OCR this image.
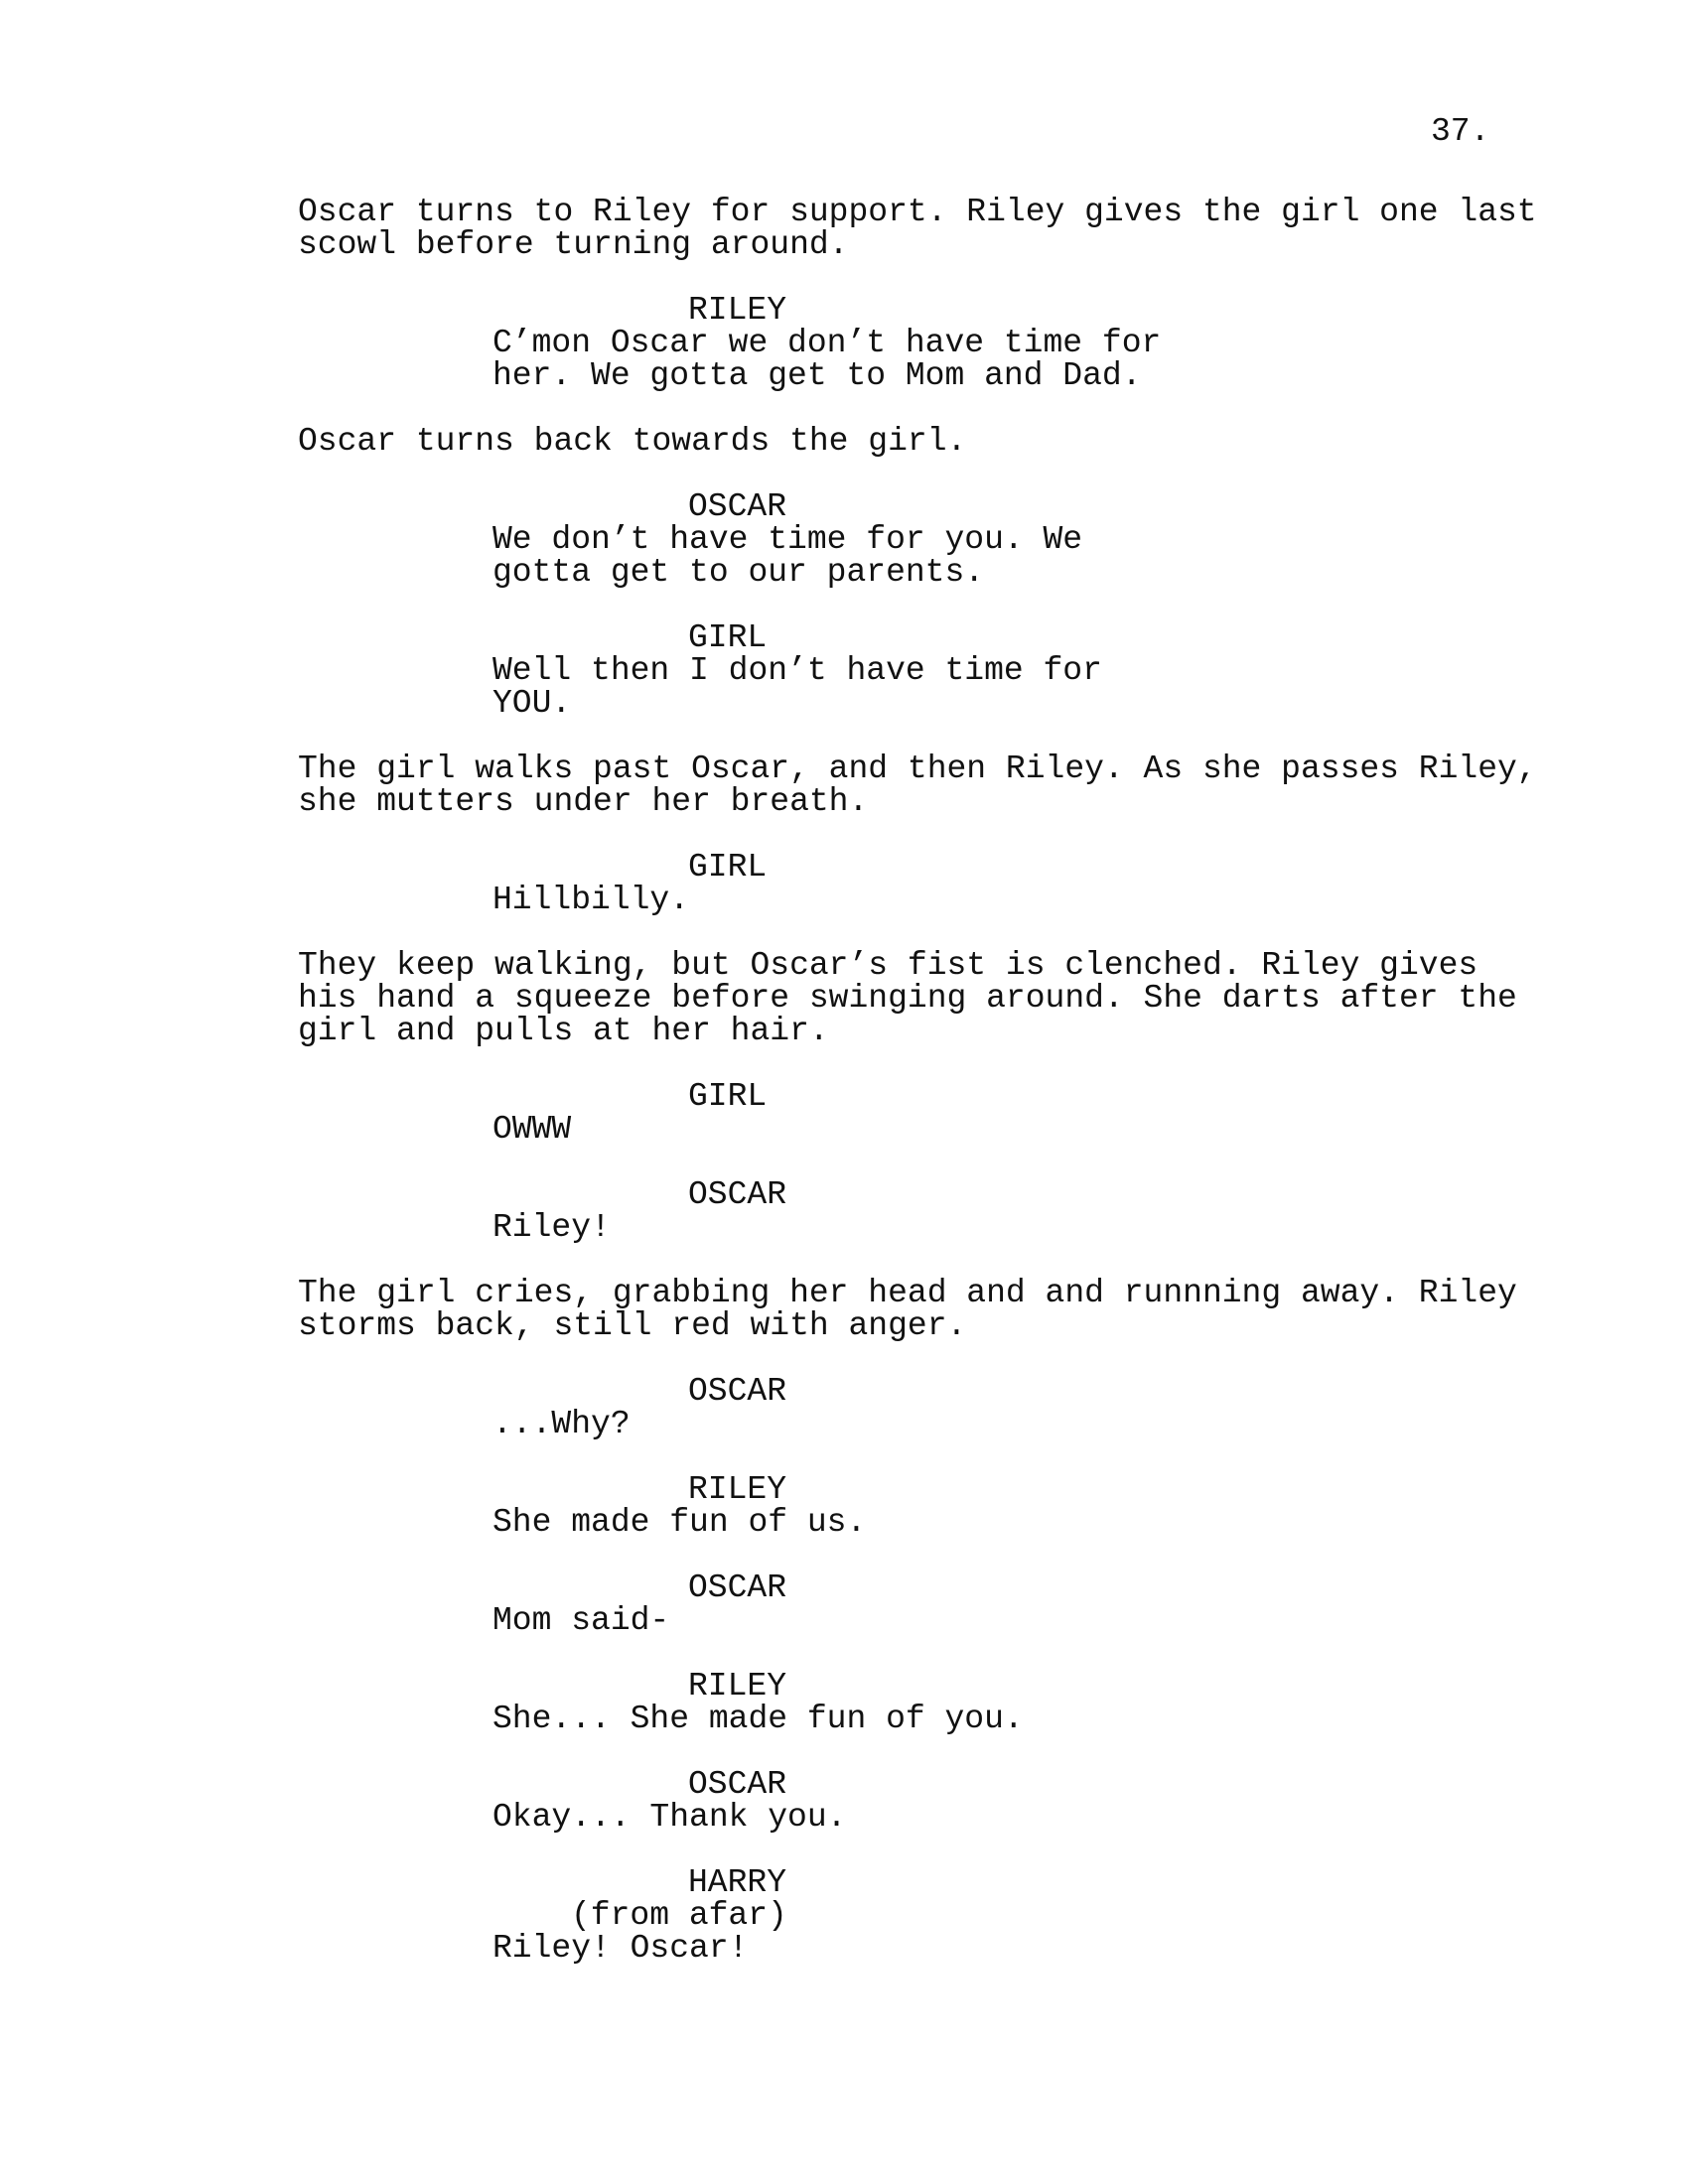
37.
Oscar turns to Riley for support. Riley gives the girl one last
scowl before turning around.
RILEY
C’mon Oscar we don’t have time for
her. We gotta get to Mom and Dad.
Oscar turns back towards the girl.
OSCAR
We don’t have time for you. We
gotta get to our parents.
GIRL
Well then I don’t have time for
YOU.
The girl walks past Oscar, and then Riley. As she passes Riley,
she mutters under her breath.
GIRL
Hillbilly.
They keep walking, but Oscar’s fist is clenched. Riley gives
his hand a squeeze before swinging around. She darts after the
girl and pulls at her hair.
GIRL
OWWW
OSCAR
Riley!
The girl cries, grabbing her head and and runnning away. Riley
storms back, still red with anger.
OSCAR
...Why?
RILEY
She made fun of us.
OSCAR
Mom said-
RILEY
She... She made fun of you.
OSCAR
Okay... Thank you.
HARRY
(from afar)
Riley! Oscar!
